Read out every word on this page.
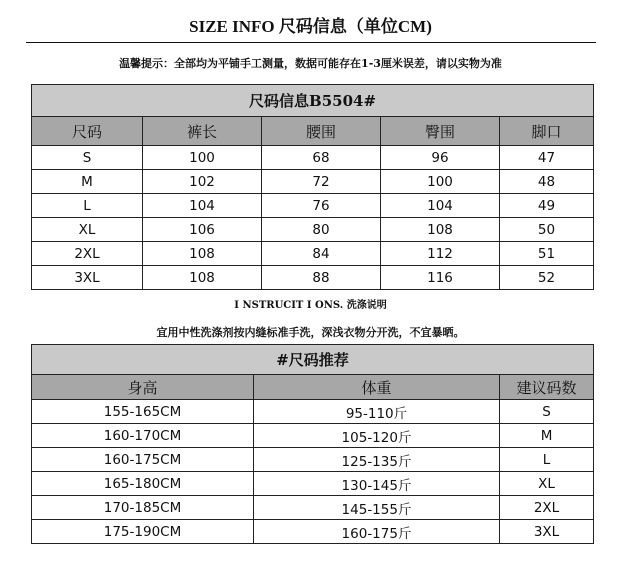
SIZE INFO 尺码信息（单位CM)
温馨提示：全部均为平铺手工测量，数据可能存在1-3厘米误差，请以实物为准
尺码信息B5504#				
尺码	裤长	腰围	臀围	脚口
S	100	68	96	47
M	102	72	100	48
L	104	76	104	49
XL	106	80	108	50
2XL	108	84	112	51
3XL	108	88	116	52
I NSTRUCIT I ONS. 洗涤说明
宜用中性洗涤剂按内缝标准手洗，深浅衣物分开洗，不宜暴晒。
#尺码推荐		
身高	体重	建议码数
155-165CM	95-110斤	S
160-170CM	105-120斤	M
160-175CM	125-135斤	L
165-180CM	130-145斤	XL
170-185CM	145-155斤	2XL
175-190CM	160-175斤	3XL
